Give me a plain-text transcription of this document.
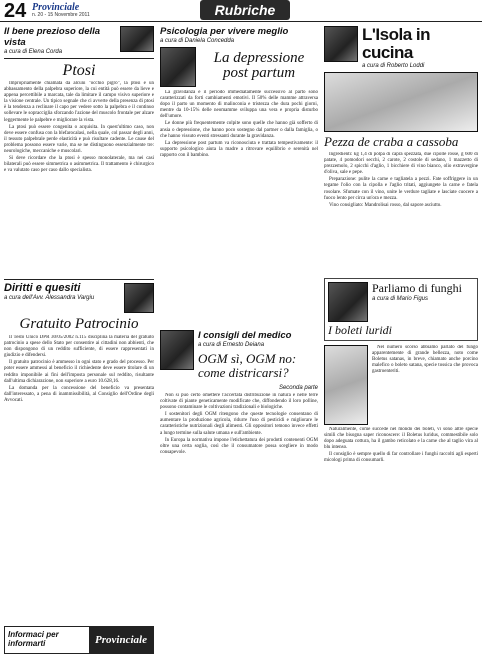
24 Provinciale
n. 20 - 15 Novembre 2011	Rubriche
Il bene prezioso della vista
a cura di Elena Corda
Ptosi

Impropriamente chiamata da alcuni "occhio pigro", la ptosi è un abbassamento della palpebra superiore, la cui entità può essere da lieve e appena percettibile a marcata, tale da limitare il campo visivo superiore e la visione centrale. Un tipico segnale che ci avverte della presenza di ptosi è la tendenza a reclinare il capo per vedere sotto la palpebra e il continuo sollevare le sopracciglia sforzando l'azione del muscolo frontale per alzare leggermente le palpebre e migliorare la vista.

La ptosi può essere congenita o acquisita. In quest'ultimo caso, non deve essere confusa con la blefarocalasi, nella quale, col passar degli anni, il tessuto palpebrale perde elasticità e può risultare cadente. Le cause del problema possono essere varie, ma se ne distinguono essenzialmente tre: neurologiche, meccaniche e muscolari.

Si deve ricordare che la ptosi è spesso monolaterale, ma nei casi bilaterali può essere simmetrica o asimmetrica. Il trattamento è chirurgico e va valutato caso per caso dallo specialista.

Diritti e quesiti
a cura dell'Avv. Alessandra Vargiu
Gratuito Patrocinio

Il Testo Unico DPR 30/05/2002 n.115 disciplina la materia del gratuito patrocinio a spese dello Stato per consentire ai cittadini non abbienti, che non dispongono di un reddito sufficiente, di essere rappresentati in giudizio e difendersi.

Il gratuito patrocinio è ammesso in ogni stato e grado del processo. Per poter essere ammessi al beneficio il richiedente deve essere titolare di un reddito imponibile ai fini dell'imposta personale sul reddito, risultante dall'ultima dichiarazione, non superiore a euro 10.628,16.

La domanda per la concessione del beneficio va presentata dall'interessato, a pena di inammissibilità, al Consiglio dell'Ordine degli Avvocati.

Informaci per informarti	Provinciale
Psicologia per vivere meglio
a cura di Daniela Concedda
La depressione post partum

La gravidanza e il periodo immediatamente successivo al parto sono caratterizzati da forti cambiamenti emotivi. Il 50% delle mamme attraversa dopo il parto un momento di malinconia e tristezza che dura pochi giorni, mentre da 10-15% delle neomamme sviluppa una vera e propria disturbo dell'umore.

Le donne più frequentemente colpite sono quelle che hanno già sofferto di ansia o depressione, che hanno poco sostegno dal partner o dalla famiglia, o che hanno vissuto eventi stressanti durante la gravidanza.

La depressione post partum va riconosciuta e trattata tempestivamente: il supporto psicologico aiuta la madre a ritrovare equilibrio e serenità nel rapporto con il bambino.

I consigli del medico
a cura di Ernesto Deiana
OGM sì, OGM no: come districarsi?
Seconda parte

Non si può certo omettere l'accertata distribuzione in natura e nelle terre coltivate di piante geneticamente modificate che, diffondendo il loro polline, possono contaminare le coltivazioni tradizionali e biologiche.

I sostenitori degli OGM ritengono che queste tecnologie consentano di aumentare la produzione agricola, ridurre l'uso di pesticidi e migliorare le caratteristiche nutrizionali degli alimenti. Gli oppositori temono invece effetti a lungo termine sulla salute umana e sull'ambiente.

In Europa la normativa impone l'etichettatura dei prodotti contenenti OGM oltre una certa soglia, così che il consumatore possa scegliere in modo consapevole.

L'Isola in cucina
a cura di Roberto Loddi
Pezza de craba a cassoba

Ingredienti: kg 1,4 di polpa di capra spezzata, due cipolle rosse, g 600 di patate, 4 pomodori secchi, 2 carote, 2 costole di sedano, 1 mazzetto di prezzemolo, 2 spicchi d'aglio, 1 bicchiere di vino bianco, olio extravergine d'oliva, sale e pepe.

Preparazione: pulite la carne e tagliatela a pezzi. Fate soffriggere in un tegame l'olio con la cipolla e l'aglio tritati, aggiungete la carne e fatela rosolare. Sfumate con il vino, unite le verdure tagliate e lasciate cuocere a fuoco lento per circa un'ora e mezza.

Vino consigliato: Mandrolisai rosso, dal sapore asciutto.

Parliamo di funghi
a cura di Mario Figus
I boleti luridi

Nel numero scorso abbiamo parlato del fungo apparentemente di grande bellezza, noto come Boletus satanas, in breve, chiamato anche porcino malefico o boleto satana, specie tossica che provoca gastroenteriti.

Naturalmente, come succede nel mondo dei boleti, vi sono altre specie simili che bisogna saper riconoscere: il Boletus luridus, commestibile solo dopo adeguata cottura, ha il gambo reticolato e la carne che al taglio vira al blu intenso.

Il consiglio è sempre quello di far controllare i funghi raccolti agli esperti micologi prima di consumarli.
